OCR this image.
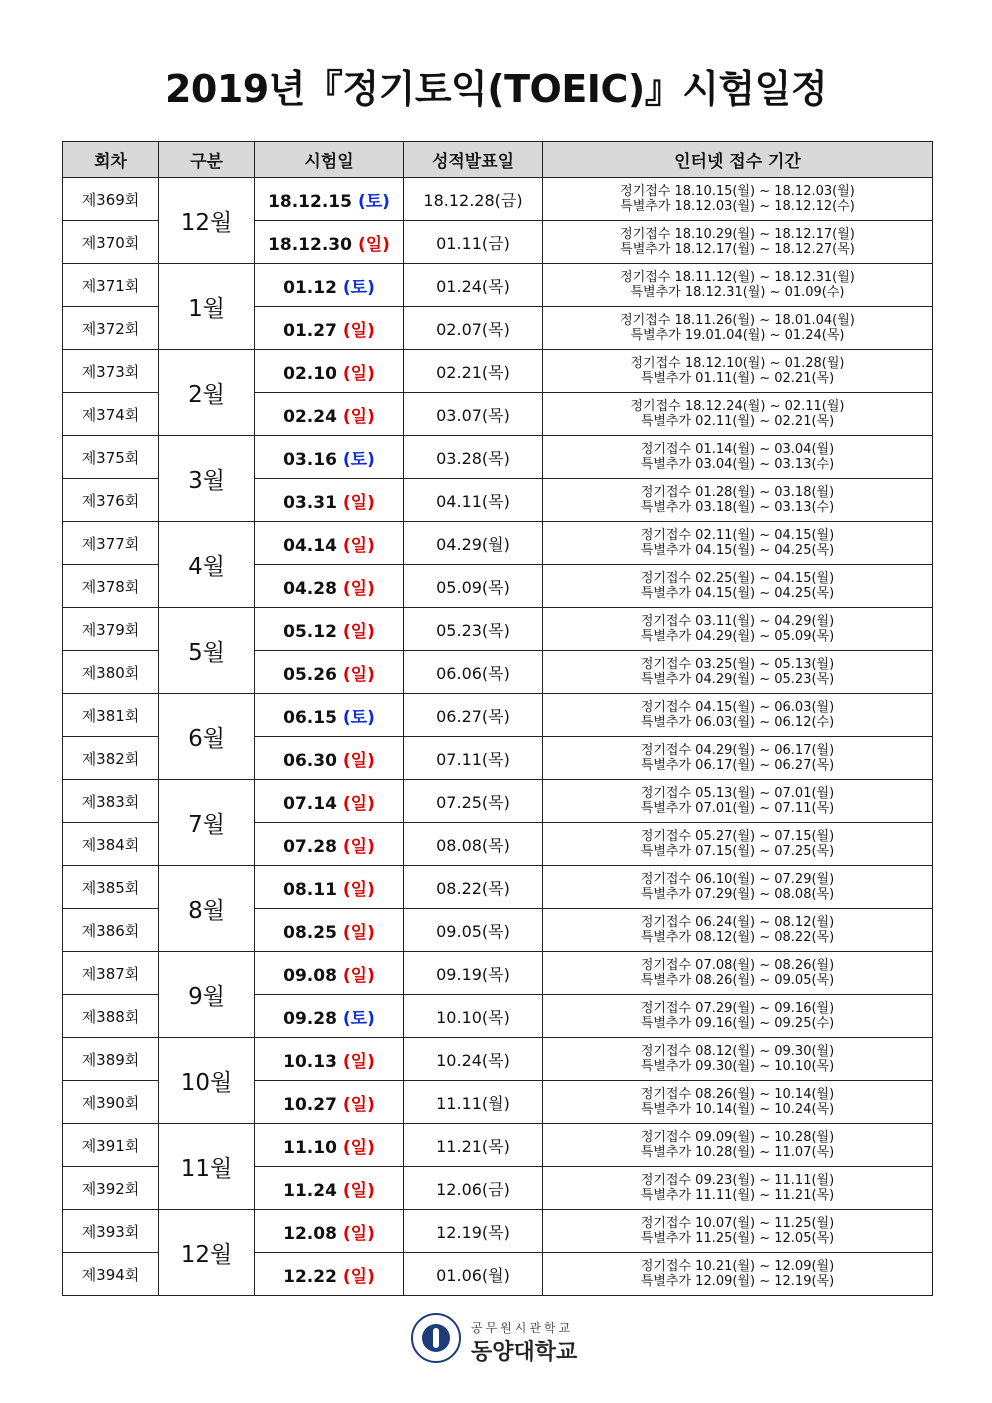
2019년『정기토익(TOEIC)』시험일정
회차	구분	시험일	성적발표일	인터넷 접수 기간
제369회	12월	18.12.15 (토)	18.12.28(금)	정기접수 18.10.15(월) ~ 18.12.03(월)
특별추가 18.12.03(월) ~ 18.12.12(수)

제370회		18.12.30 (일)	01.11(금)	정기접수 18.10.29(월) ~ 18.12.17(월)
특별추가 18.12.17(월) ~ 18.12.27(목)

제371회	1월	01.12 (토)	01.24(목)	정기접수 18.11.12(월) ~ 18.12.31(월)
특별추가 18.12.31(월) ~ 01.09(수)

제372회		01.27 (일)	02.07(목)	정기접수 18.11.26(월) ~ 18.01.04(월)
특별추가 19.01.04(월) ~ 01.24(목)

제373회	2월	02.10 (일)	02.21(목)	정기접수 18.12.10(월) ~ 01.28(월)
특별추가 01.11(월) ~ 02.21(목)

제374회		02.24 (일)	03.07(목)	정기접수 18.12.24(월) ~ 02.11(월)
특별추가 02.11(월) ~ 02.21(목)

제375회	3월	03.16 (토)	03.28(목)	정기접수 01.14(월) ~ 03.04(월)
특별추가 03.04(월) ~ 03.13(수)

제376회		03.31 (일)	04.11(목)	정기접수 01.28(월) ~ 03.18(월)
특별추가 03.18(월) ~ 03.13(수)

제377회	4월	04.14 (일)	04.29(월)	정기접수 02.11(월) ~ 04.15(월)
특별추가 04.15(월) ~ 04.25(목)

제378회		04.28 (일)	05.09(목)	정기접수 02.25(월) ~ 04.15(월)
특별추가 04.15(월) ~ 04.25(목)

제379회	5월	05.12 (일)	05.23(목)	정기접수 03.11(월) ~ 04.29(월)
특별추가 04.29(월) ~ 05.09(목)

제380회		05.26 (일)	06.06(목)	정기접수 03.25(월) ~ 05.13(월)
특별추가 04.29(월) ~ 05.23(목)

제381회	6월	06.15 (토)	06.27(목)	정기접수 04.15(월) ~ 06.03(월)
특별추가 06.03(월) ~ 06.12(수)

제382회		06.30 (일)	07.11(목)	정기접수 04.29(월) ~ 06.17(월)
특별추가 06.17(월) ~ 06.27(목)

제383회	7월	07.14 (일)	07.25(목)	정기접수 05.13(월) ~ 07.01(월)
특별추가 07.01(월) ~ 07.11(목)

제384회		07.28 (일)	08.08(목)	정기접수 05.27(월) ~ 07.15(월)
특별추가 07.15(월) ~ 07.25(목)

제385회	8월	08.11 (일)	08.22(목)	정기접수 06.10(월) ~ 07.29(월)
특별추가 07.29(월) ~ 08.08(목)

제386회		08.25 (일)	09.05(목)	정기접수 06.24(월) ~ 08.12(월)
특별추가 08.12(월) ~ 08.22(목)

제387회	9월	09.08 (일)	09.19(목)	정기접수 07.08(월) ~ 08.26(월)
특별추가 08.26(월) ~ 09.05(목)

제388회		09.28 (토)	10.10(목)	정기접수 07.29(월) ~ 09.16(월)
특별추가 09.16(월) ~ 09.25(수)

제389회	10월	10.13 (일)	10.24(목)	정기접수 08.12(월) ~ 09.30(월)
특별추가 09.30(월) ~ 10.10(목)

제390회		10.27 (일)	11.11(월)	정기접수 08.26(월) ~ 10.14(월)
특별추가 10.14(월) ~ 10.24(목)

제391회	11월	11.10 (일)	11.21(목)	정기접수 09.09(월) ~ 10.28(월)
특별추가 10.28(월) ~ 11.07(목)

제392회		11.24 (일)	12.06(금)	정기접수 09.23(월) ~ 11.11(월)
특별추가 11.11(월) ~ 11.21(목)

제393회	12월	12.08 (일)	12.19(목)	정기접수 10.07(월) ~ 11.25(월)
특별추가 11.25(월) ~ 12.05(목)

제394회		12.22 (일)	01.06(월)	정기접수 10.21(월) ~ 12.09(월)
특별추가 12.09(월) ~ 12.19(목)
공무원시관학교
동양대학교
